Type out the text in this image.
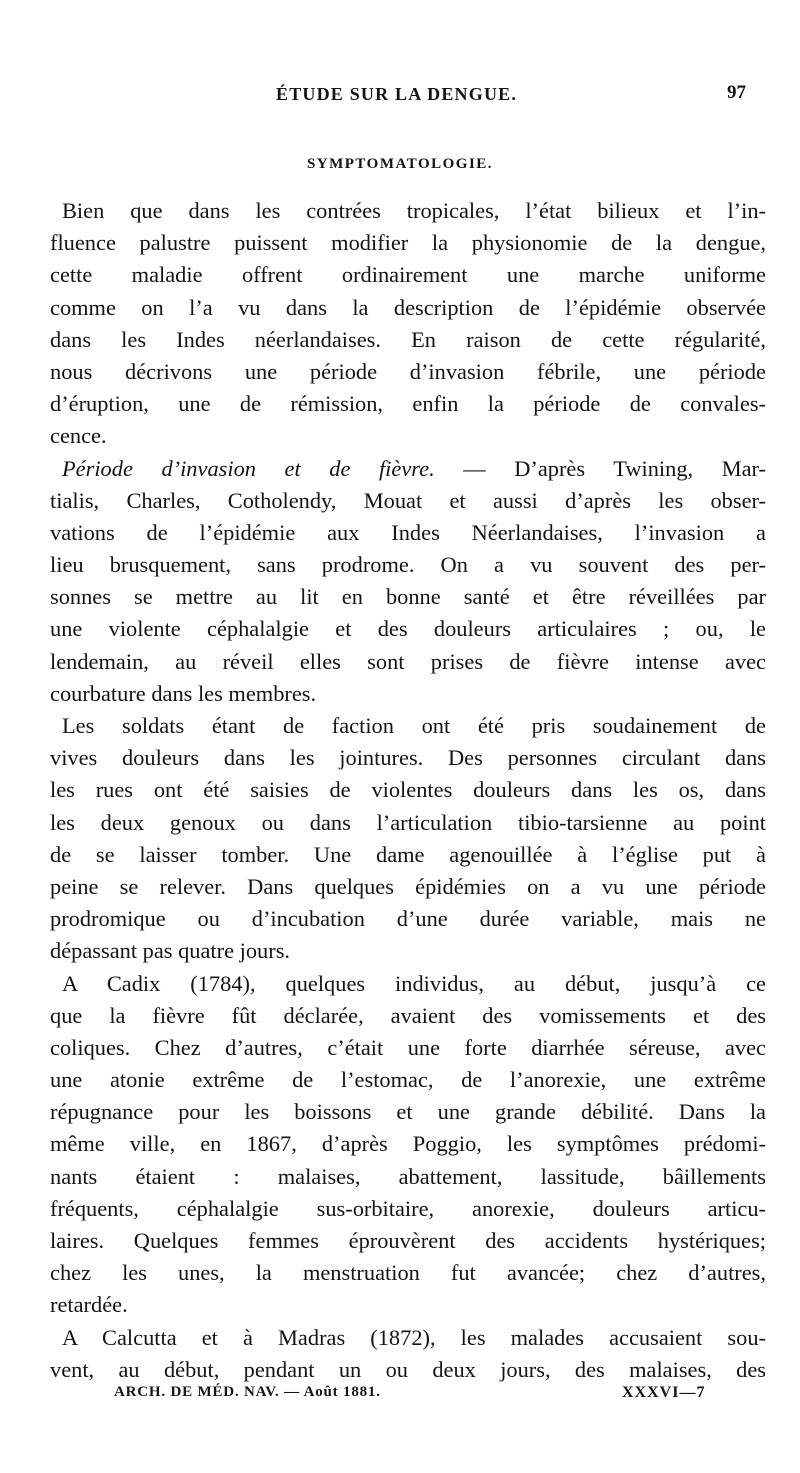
ÉTUDE SUR LA DENGUE.	97
SYMPTOMATOLOGIE.
Bien que dans les contrées tropicales, l’état bilieux et l’in-
fluence palustre puissent modifier la physionomie de la dengue,
cette maladie offrent ordinairement une marche uniforme
comme on l’a vu dans la description de l’épidémie observée
dans les Indes néerlandaises. En raison de cette régularité,
nous décrivons une période d’invasion fébrile, une période
d’éruption, une de rémission, enfin la période de convales-
cence.
Période d’invasion et de fièvre. — D’après Twining, Mar-
tialis, Charles, Cotholendy, Mouat et aussi d’après les obser-
vations de l’épidémie aux Indes Néerlandaises, l’invasion a
lieu brusquement, sans prodrome. On a vu souvent des per-
sonnes se mettre au lit en bonne santé et être réveillées par
une violente céphalalgie et des douleurs articulaires ; ou, le
lendemain, au réveil elles sont prises de fièvre intense avec
courbature dans les membres.
Les soldats étant de faction ont été pris soudainement de
vives douleurs dans les jointures. Des personnes circulant dans
les rues ont été saisies de violentes douleurs dans les os, dans
les deux genoux ou dans l’articulation tibio-tarsienne au point
de se laisser tomber. Une dame agenouillée à l’église put à
peine se relever. Dans quelques épidémies on a vu une période
prodromique ou d’incubation d’une durée variable, mais ne
dépassant pas quatre jours.
A Cadix (1784), quelques individus, au début, jusqu’à ce
que la fièvre fût déclarée, avaient des vomissements et des
coliques. Chez d’autres, c’était une forte diarrhée séreuse, avec
une atonie extrême de l’estomac, de l’anorexie, une extrême
répugnance pour les boissons et une grande débilité. Dans la
même ville, en 1867, d’après Poggio, les symptômes prédomi-
nants étaient : malaises, abattement, lassitude, bâillements
fréquents, céphalalgie sus-orbitaire, anorexie, douleurs articu-
laires. Quelques femmes éprouvèrent des accidents hystériques;
chez les unes, la menstruation fut avancée; chez d’autres,
retardée.
A Calcutta et à Madras (1872), les malades accusaient sou-
vent, au début, pendant un ou deux jours, des malaises, des
ARCH. DE MÉD. NAV. — Août 1881.	XXXVI—7
